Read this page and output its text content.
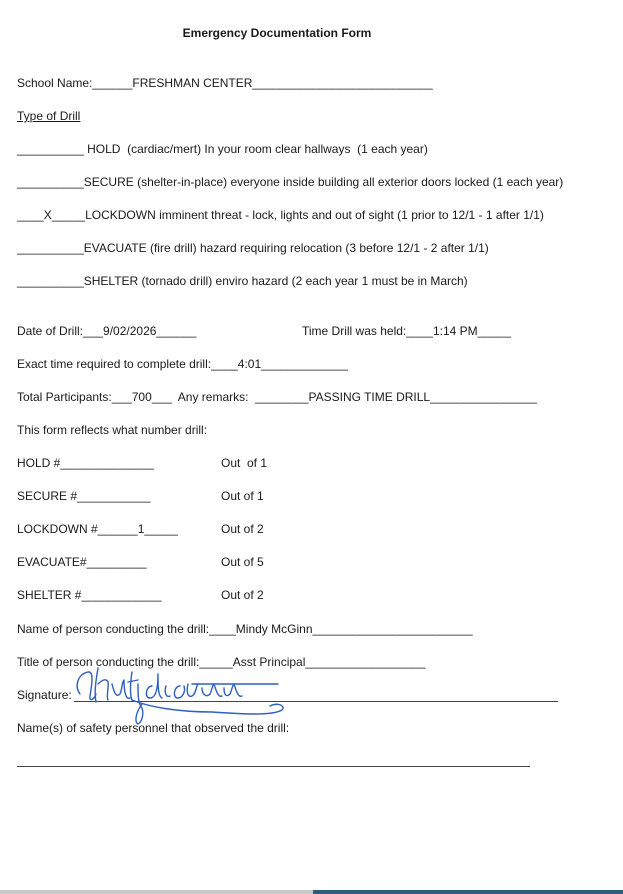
Emergency Documentation Form
School Name:______FRESHMAN CENTER___________________________
Type of Drill
__________ HOLD  (cardiac/mert) In your room clear hallways  (1 each year)
__________SECURE (shelter-in-place) everyone inside building all exterior doors locked (1 each year)
____X_____LOCKDOWN imminent threat - lock, lights and out of sight (1 prior to 12/1 - 1 after 1/1)
__________EVACUATE (fire drill) hazard requiring relocation (3 before 12/1 - 2 after 1/1)
__________SHELTER (tornado drill) enviro hazard (2 each year 1 must be in March)
Date of Drill:___9/02/2026______	Time Drill was held:____1:14 PM_____
Exact time required to complete drill:____4:01_____________
Total Participants:___700___  Any remarks:  ________PASSING TIME DRILL________________
This form reflects what number drill:
HOLD #______________	Out  of 1
SECURE #___________	Out of 1
LOCKDOWN #______1_____	Out of 2
EVACUATE#_________	Out of 5
SHELTER #____________	Out of 2
Name of person conducting the drill:____Mindy McGinn________________________
Title of person conducting the drill:_____Asst Principal__________________
Signature:
Name(s) of safety personnel that observed the drill:
